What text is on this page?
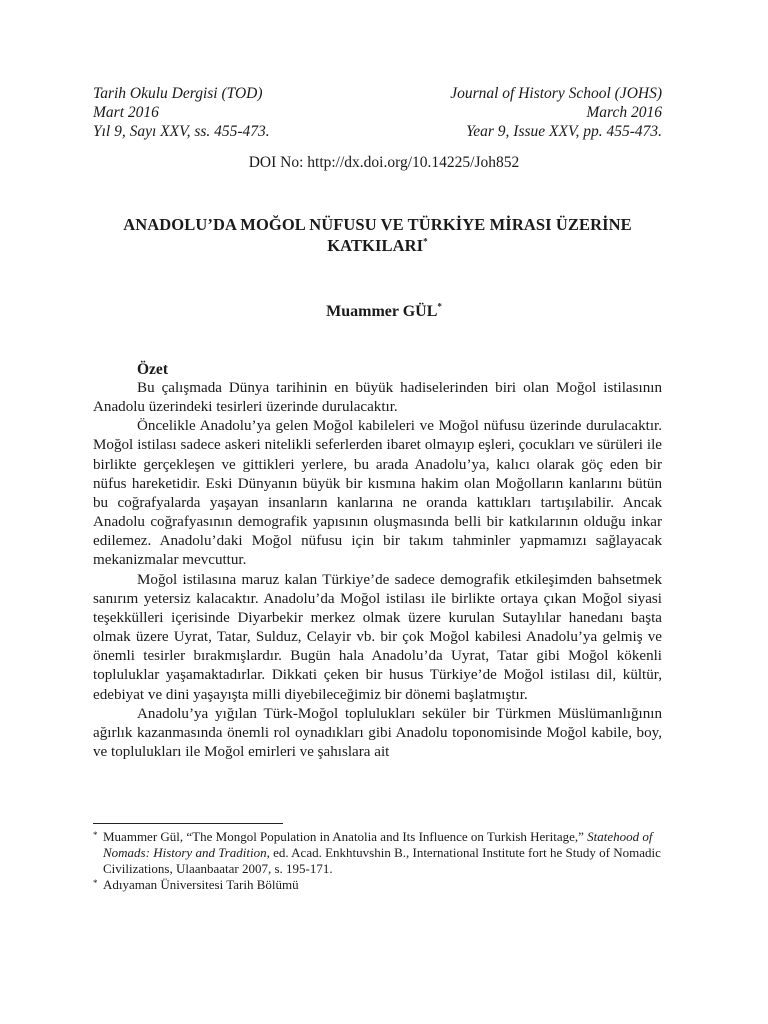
Tarih Okulu Dergisi (TOD)	Journal of History School (JOHS)
Mart 2016	March 2016
Yıl 9, Sayı XXV, ss. 455-473.	Year 9, Issue XXV, pp. 455-473.
DOI No: http://dx.doi.org/10.14225/Joh852
ANADOLU’DA MOĞOL NÜFUSU VE TÜRKİYE MİRASI ÜZERİNE KATKILARI*
Muammer GÜL*
Özet

Bu çalışmada Dünya tarihinin en büyük hadiselerinden biri olan Moğol istilasının Anadolu üzerindeki tesirleri üzerinde durulacaktır.

Öncelikle Anadolu’ya gelen Moğol kabileleri ve Moğol nüfusu üzerinde durulacaktır. Moğol istilası sadece askeri nitelikli seferlerden ibaret olmayıp eşleri, çocukları ve sürüleri ile birlikte gerçekleşen ve gittikleri yerlere, bu arada Anadolu’ya, kalıcı olarak göç eden bir nüfus hareketidir. Eski Dünyanın büyük bir kısmına hakim olan Moğolların kanlarını bütün bu coğrafyalarda yaşayan insanların kanlarına ne oranda kattıkları tartışılabilir. Ancak Anadolu coğrafyasının demografik yapısının oluşmasında belli bir katkılarının olduğu inkar edilemez. Anadolu’daki Moğol nüfusu için bir takım tahminler yapmamızı sağlayacak mekanizmalar mevcuttur.

Moğol istilasına maruz kalan Türkiye’de sadece demografik etkileşimden bahsetmek sanırım yetersiz kalacaktır. Anadolu’da Moğol istilası ile birlikte ortaya çıkan Moğol siyasi teşekkülleri içerisinde Diyarbekir merkez olmak üzere kurulan Sutaylılar hanedanı başta olmak üzere Uyrat, Tatar, Sulduz, Celayir vb. bir çok Moğol kabilesi Anadolu’ya gelmiş ve önemli tesirler bırakmışlardır. Bugün hala Anadolu’da Uyrat, Tatar gibi Moğol kökenli topluluklar yaşamaktadırlar. Dikkati çeken bir husus Türkiye’de Moğol istilası dil, kültür, edebiyat ve dini yaşayışta milli diyebileceğimiz bir dönemi başlatmıştır.

Anadolu’ya yığılan Türk-Moğol toplulukları seküler bir Türkmen Müslümanlığının ağırlık kazanmasında önemli rol oynadıkları gibi Anadolu toponomisinde Moğol kabile, boy, ve toplulukları ile Moğol emirleri ve şahıslara ait

* Muammer Gül, “The Mongol Population in Anatolia and Its Influence on Turkish Heritage,” Statehood of Nomads: History and Tradition, ed. Acad. Enkhtuvshin B., International Institute fort he Study of Nomadic Civilizations, Ulaanbaatar 2007, s. 195-171.
* Adıyaman Üniversitesi Tarih Bölümü
